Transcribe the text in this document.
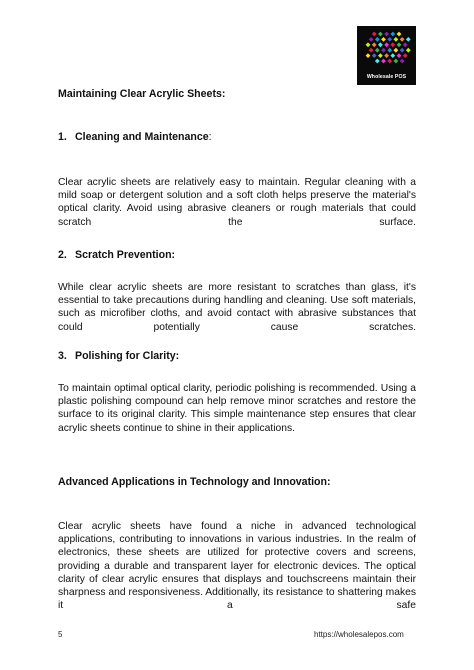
Wholesale POS
Maintaining Clear Acrylic Sheets:
1. Cleaning and Maintenance:

Clear acrylic sheets are relatively easy to maintain. Regular cleaning with a mild soap or detergent solution and a soft cloth helps preserve the material's optical clarity. Avoid using abrasive cleaners or rough materials that could scratch the surface.

2. Scratch Prevention:

While clear acrylic sheets are more resistant to scratches than glass, it's essential to take precautions during handling and cleaning. Use soft materials, such as microfiber cloths, and avoid contact with abrasive substances that could potentially cause scratches.

3. Polishing for Clarity:

To maintain optimal optical clarity, periodic polishing is recommended. Using a plastic polishing compound can help remove minor scratches and restore the surface to its original clarity. This simple maintenance step ensures that clear acrylic sheets continue to shine in their applications.

Advanced Applications in Technology and Innovation:

Clear acrylic sheets have found a niche in advanced technological applications, contributing to innovations in various industries. In the realm of electronics, these sheets are utilized for protective covers and screens, providing a durable and transparent layer for electronic devices. The optical clarity of clear acrylic ensures that displays and touchscreens maintain their sharpness and responsiveness. Additionally, its resistance to shattering makes it a safe

5	https://wholesalepos.com
